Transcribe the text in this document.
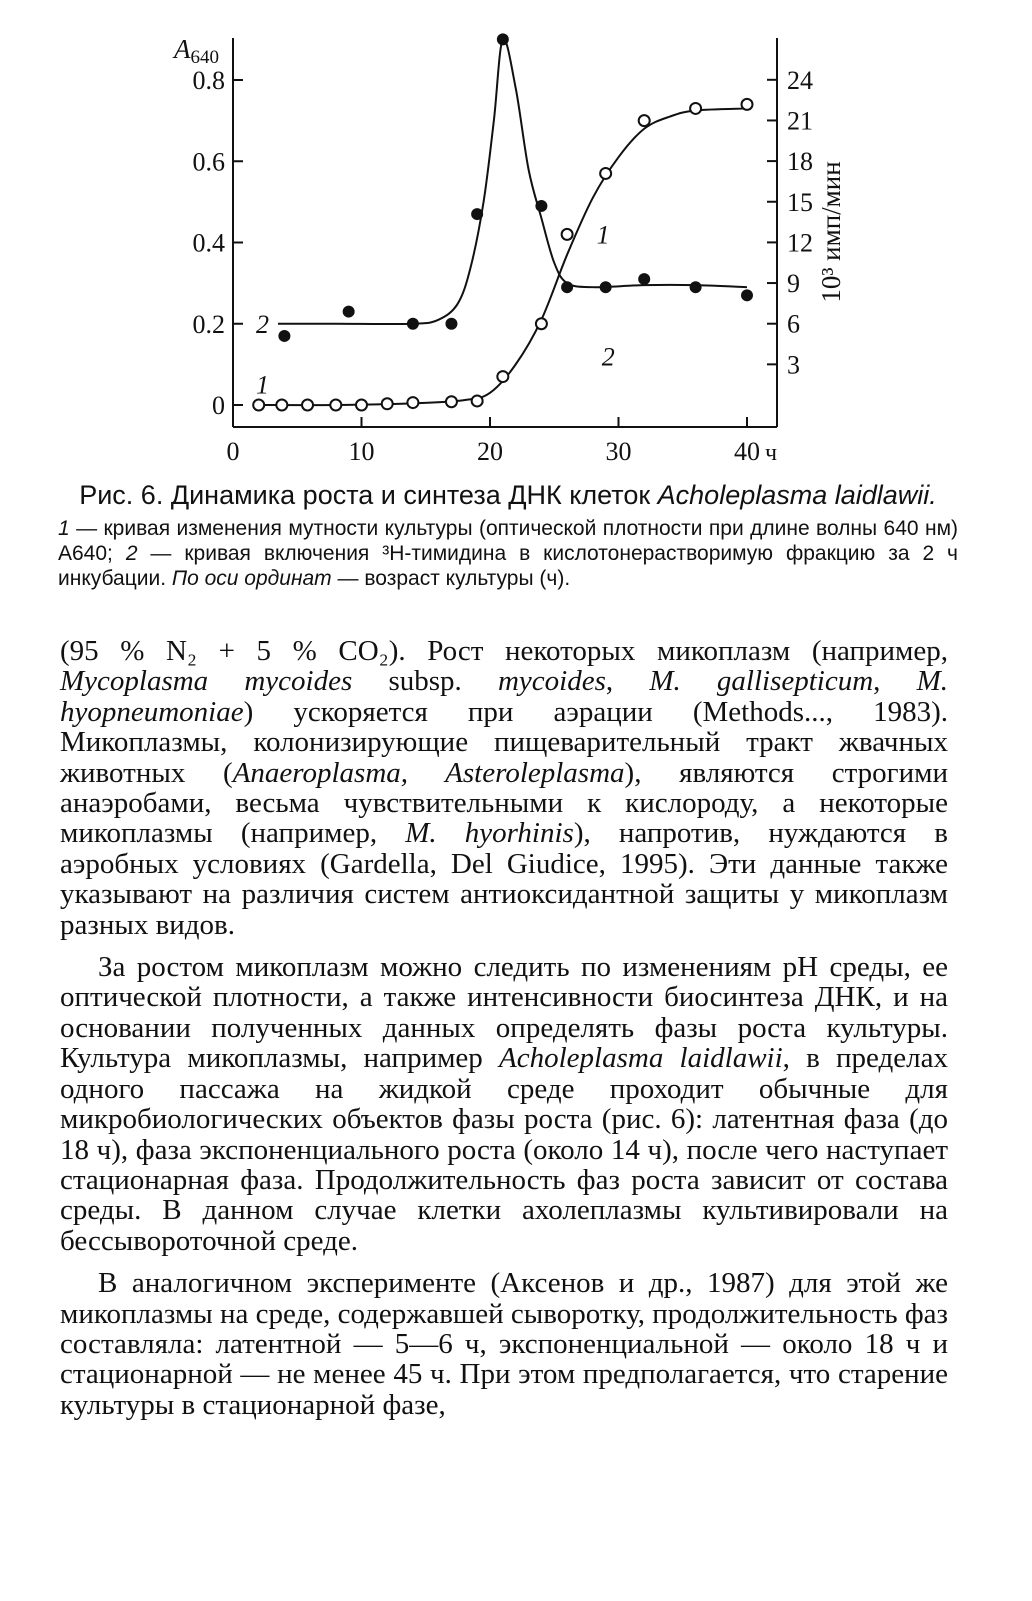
0
0.2
0.4
0.6
0.8
A640
3
6
9
12
15
18
21
24
10³ имп/мин
0	10	20	30	40 ч
2
1
1
2
Рис. 6. Динамика роста и синтеза ДНК клеток Acholeplasma laidlawii.
1 — кривая изменения мутности культуры (оптической плотности при длине волны 640 нм) А640; 2 — кривая включения ³Н-тимидина в кислотонерастворимую фракцию за 2 ч инкубации. По оси ординат — возраст культуры (ч).

(95 % N₂ + 5 % CO₂). Рост некоторых микоплазм (например, Mycoplasma mycoides subsp. mycoides, M. gallisepticum, M. hyopneumoniae) ускоряется при аэрации (Methods..., 1983). Микоплазмы, колонизирующие пищеварительный тракт жвачных животных (Anaeroplasma, Asteroleplasma), являются строгими анаэробами, весьма чувствительными к кислороду, а некоторые микоплазмы (например, M. hyorhinis), напротив, нуждаются в аэробных условиях (Gardella, Del Giudice, 1995). Эти данные также указывают на различия систем антиоксидантной защиты у микоплазм разных видов.

За ростом микоплазм можно следить по изменениям pH среды, ее оптической плотности, а также интенсивности биосинтеза ДНК, и на основании полученных данных определять фазы роста культуры. Культура микоплазмы, например Acholeplasma laidlawii, в пределах одного пассажа на жидкой среде проходит обычные для микробиологических объектов фазы роста (рис. 6): латентная фаза (до 18 ч), фаза экспоненциального роста (около 14 ч), после чего наступает стационарная фаза. Продолжительность фаз роста зависит от состава среды. В данном случае клетки ахолеплазмы культивировали на бессывороточной среде.

В аналогичном эксперименте (Аксенов и др., 1987) для этой же микоплазмы на среде, содержавшей сыворотку, продолжительность фаз составляла: латентной — 5—6 ч, экспоненциальной — около 18 ч и стационарной — не менее 45 ч. При этом предполагается, что старение культуры в стационарной фазе,
